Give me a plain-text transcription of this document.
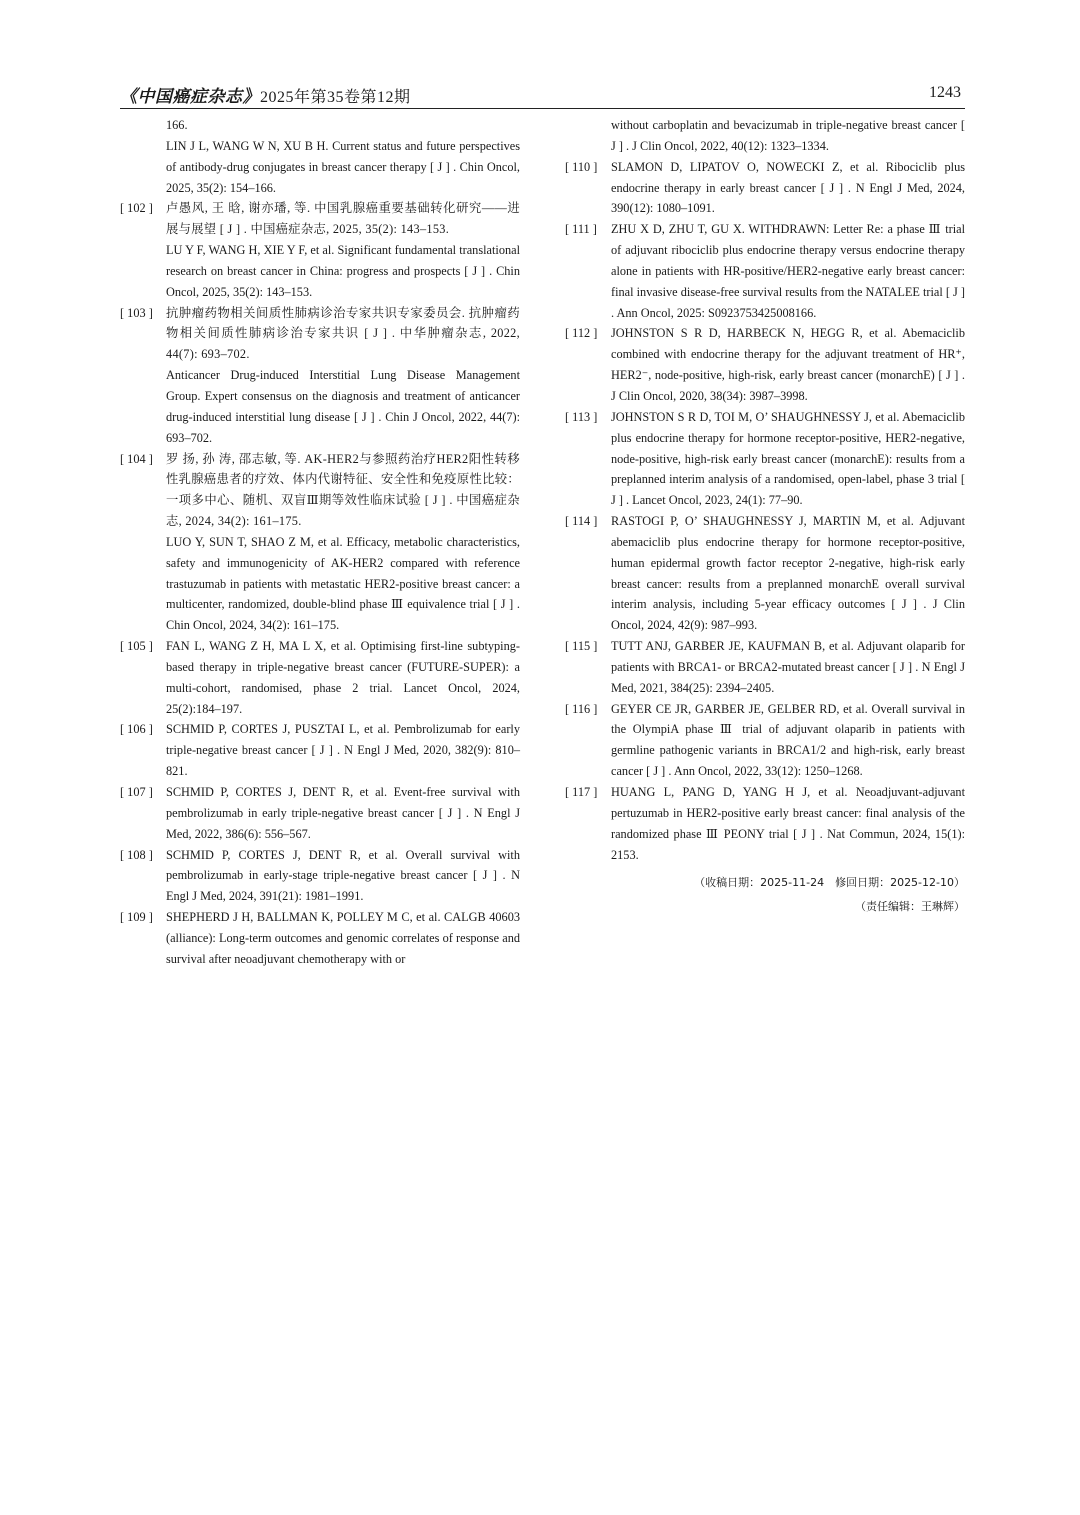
《中国癌症杂志》2025年第35卷第12期	1243

166.

LIN J L, WANG W N, XU B H. Current status and future perspectives of antibody-drug conjugates in breast cancer therapy [ J ] . Chin Oncol, 2025, 35(2): 154–166.

[ 102 ] 卢愚风, 王 晗, 谢亦璠, 等. 中国乳腺癌重要基础转化研究——进展与展望 [ J ] . 中国癌症杂志, 2025, 35(2): 143–153.

LU Y F, WANG H, XIE Y F, et al. Significant fundamental translational research on breast cancer in China: progress and prospects [ J ] . Chin Oncol, 2025, 35(2): 143–153.

[ 103 ] 抗肿瘤药物相关间质性肺病诊治专家共识专家委员会. 抗肿瘤药物相关间质性肺病诊治专家共识 [ J ] . 中华肿瘤杂志, 2022, 44(7): 693–702.

Anticancer Drug-induced Interstitial Lung Disease Management Group. Expert consensus on the diagnosis and treatment of anticancer drug-induced interstitial lung disease [ J ] . Chin J Oncol, 2022, 44(7): 693–702.

[ 104 ] 罗 扬, 孙 涛, 邵志敏, 等. AK-HER2与参照药治疗HER2阳性转移性乳腺癌患者的疗效、体内代谢特征、安全性和免疫原性比较：一项多中心、随机、双盲Ⅲ期等效性临床试验 [ J ] . 中国癌症杂志, 2024, 34(2): 161–175.

LUO Y, SUN T, SHAO Z M, et al. Efficacy, metabolic characteristics, safety and immunogenicity of AK-HER2 compared with reference trastuzumab in patients with metastatic HER2-positive breast cancer: a multicenter, randomized, double-blind phase Ⅲ equivalence trial [ J ] . Chin Oncol, 2024, 34(2): 161–175.

[ 105 ] FAN L, WANG Z H, MA L X, et al. Optimising first-line subtyping-based therapy in triple-negative breast cancer (FUTURE-SUPER): a multi-cohort, randomised, phase 2 trial. Lancet Oncol, 2024, 25(2):184–197.

[ 106 ] SCHMID P, CORTES J, PUSZTAI L, et al. Pembrolizumab for early triple-negative breast cancer [ J ] . N Engl J Med, 2020, 382(9): 810–821.

[ 107 ] SCHMID P, CORTES J, DENT R, et al. Event-free survival with pembrolizumab in early triple-negative breast cancer [ J ] . N Engl J Med, 2022, 386(6): 556–567.

[ 108 ] SCHMID P, CORTES J, DENT R, et al. Overall survival with pembrolizumab in early-stage triple-negative breast cancer [ J ] . N Engl J Med, 2024, 391(21): 1981–1991.

[ 109 ] SHEPHERD J H, BALLMAN K, POLLEY M C, et al. CALGB 40603 (alliance): Long-term outcomes and genomic correlates of response and survival after neoadjuvant chemotherapy with or

without carboplatin and bevacizumab in triple-negative breast cancer [ J ] . J Clin Oncol, 2022, 40(12): 1323–1334.

[ 110 ] SLAMON D, LIPATOV O, NOWECKI Z, et al. Ribociclib plus endocrine therapy in early breast cancer [ J ] . N Engl J Med, 2024, 390(12): 1080–1091.

[ 111 ] ZHU X D, ZHU T, GU X. WITHDRAWN: Letter Re: a phase Ⅲ trial of adjuvant ribociclib plus endocrine therapy versus endocrine therapy alone in patients with HR-positive/HER2-negative early breast cancer: final invasive disease-free survival results from the NATALEE trial [ J ] . Ann Oncol, 2025: S0923753425008166.

[ 112 ] JOHNSTON S R D, HARBECK N, HEGG R, et al. Abemaciclib combined with endocrine therapy for the adjuvant treatment of HR⁺, HER2⁻, node-positive, high-risk, early breast cancer (monarchE) [ J ] . J Clin Oncol, 2020, 38(34): 3987–3998.

[ 113 ] JOHNSTON S R D, TOI M, O’ SHAUGHNESSY J, et al. Abemaciclib plus endocrine therapy for hormone receptor-positive, HER2-negative, node-positive, high-risk early breast cancer (monarchE): results from a preplanned interim analysis of a randomised, open-label, phase 3 trial [ J ] . Lancet Oncol, 2023, 24(1): 77–90.

[ 114 ] RASTOGI P, O’ SHAUGHNESSY J, MARTIN M, et al. Adjuvant abemaciclib plus endocrine therapy for hormone receptor-positive, human epidermal growth factor receptor 2-negative, high-risk early breast cancer: results from a preplanned monarchE overall survival interim analysis, including 5-year efficacy outcomes [ J ] . J Clin Oncol, 2024, 42(9): 987–993.

[ 115 ] TUTT ANJ, GARBER JE, KAUFMAN B, et al. Adjuvant olaparib for patients with BRCA1- or BRCA2-mutated breast cancer [ J ] . N Engl J Med, 2021, 384(25): 2394–2405.

[ 116 ] GEYER CE JR, GARBER JE, GELBER RD, et al. Overall survival in the OlympiA phase Ⅲ trial of adjuvant olaparib in patients with germline pathogenic variants in BRCA1/2 and high-risk, early breast cancer [ J ] . Ann Oncol, 2022, 33(12): 1250–1268.

[ 117 ] HUANG L, PANG D, YANG H J, et al. Neoadjuvant-adjuvant pertuzumab in HER2-positive early breast cancer: final analysis of the randomized phase Ⅲ PEONY trial [ J ] . Nat Commun, 2024, 15(1): 2153.

（收稿日期：2025-11-24　修回日期：2025-12-10）
（责任编辑：王琳辉）
